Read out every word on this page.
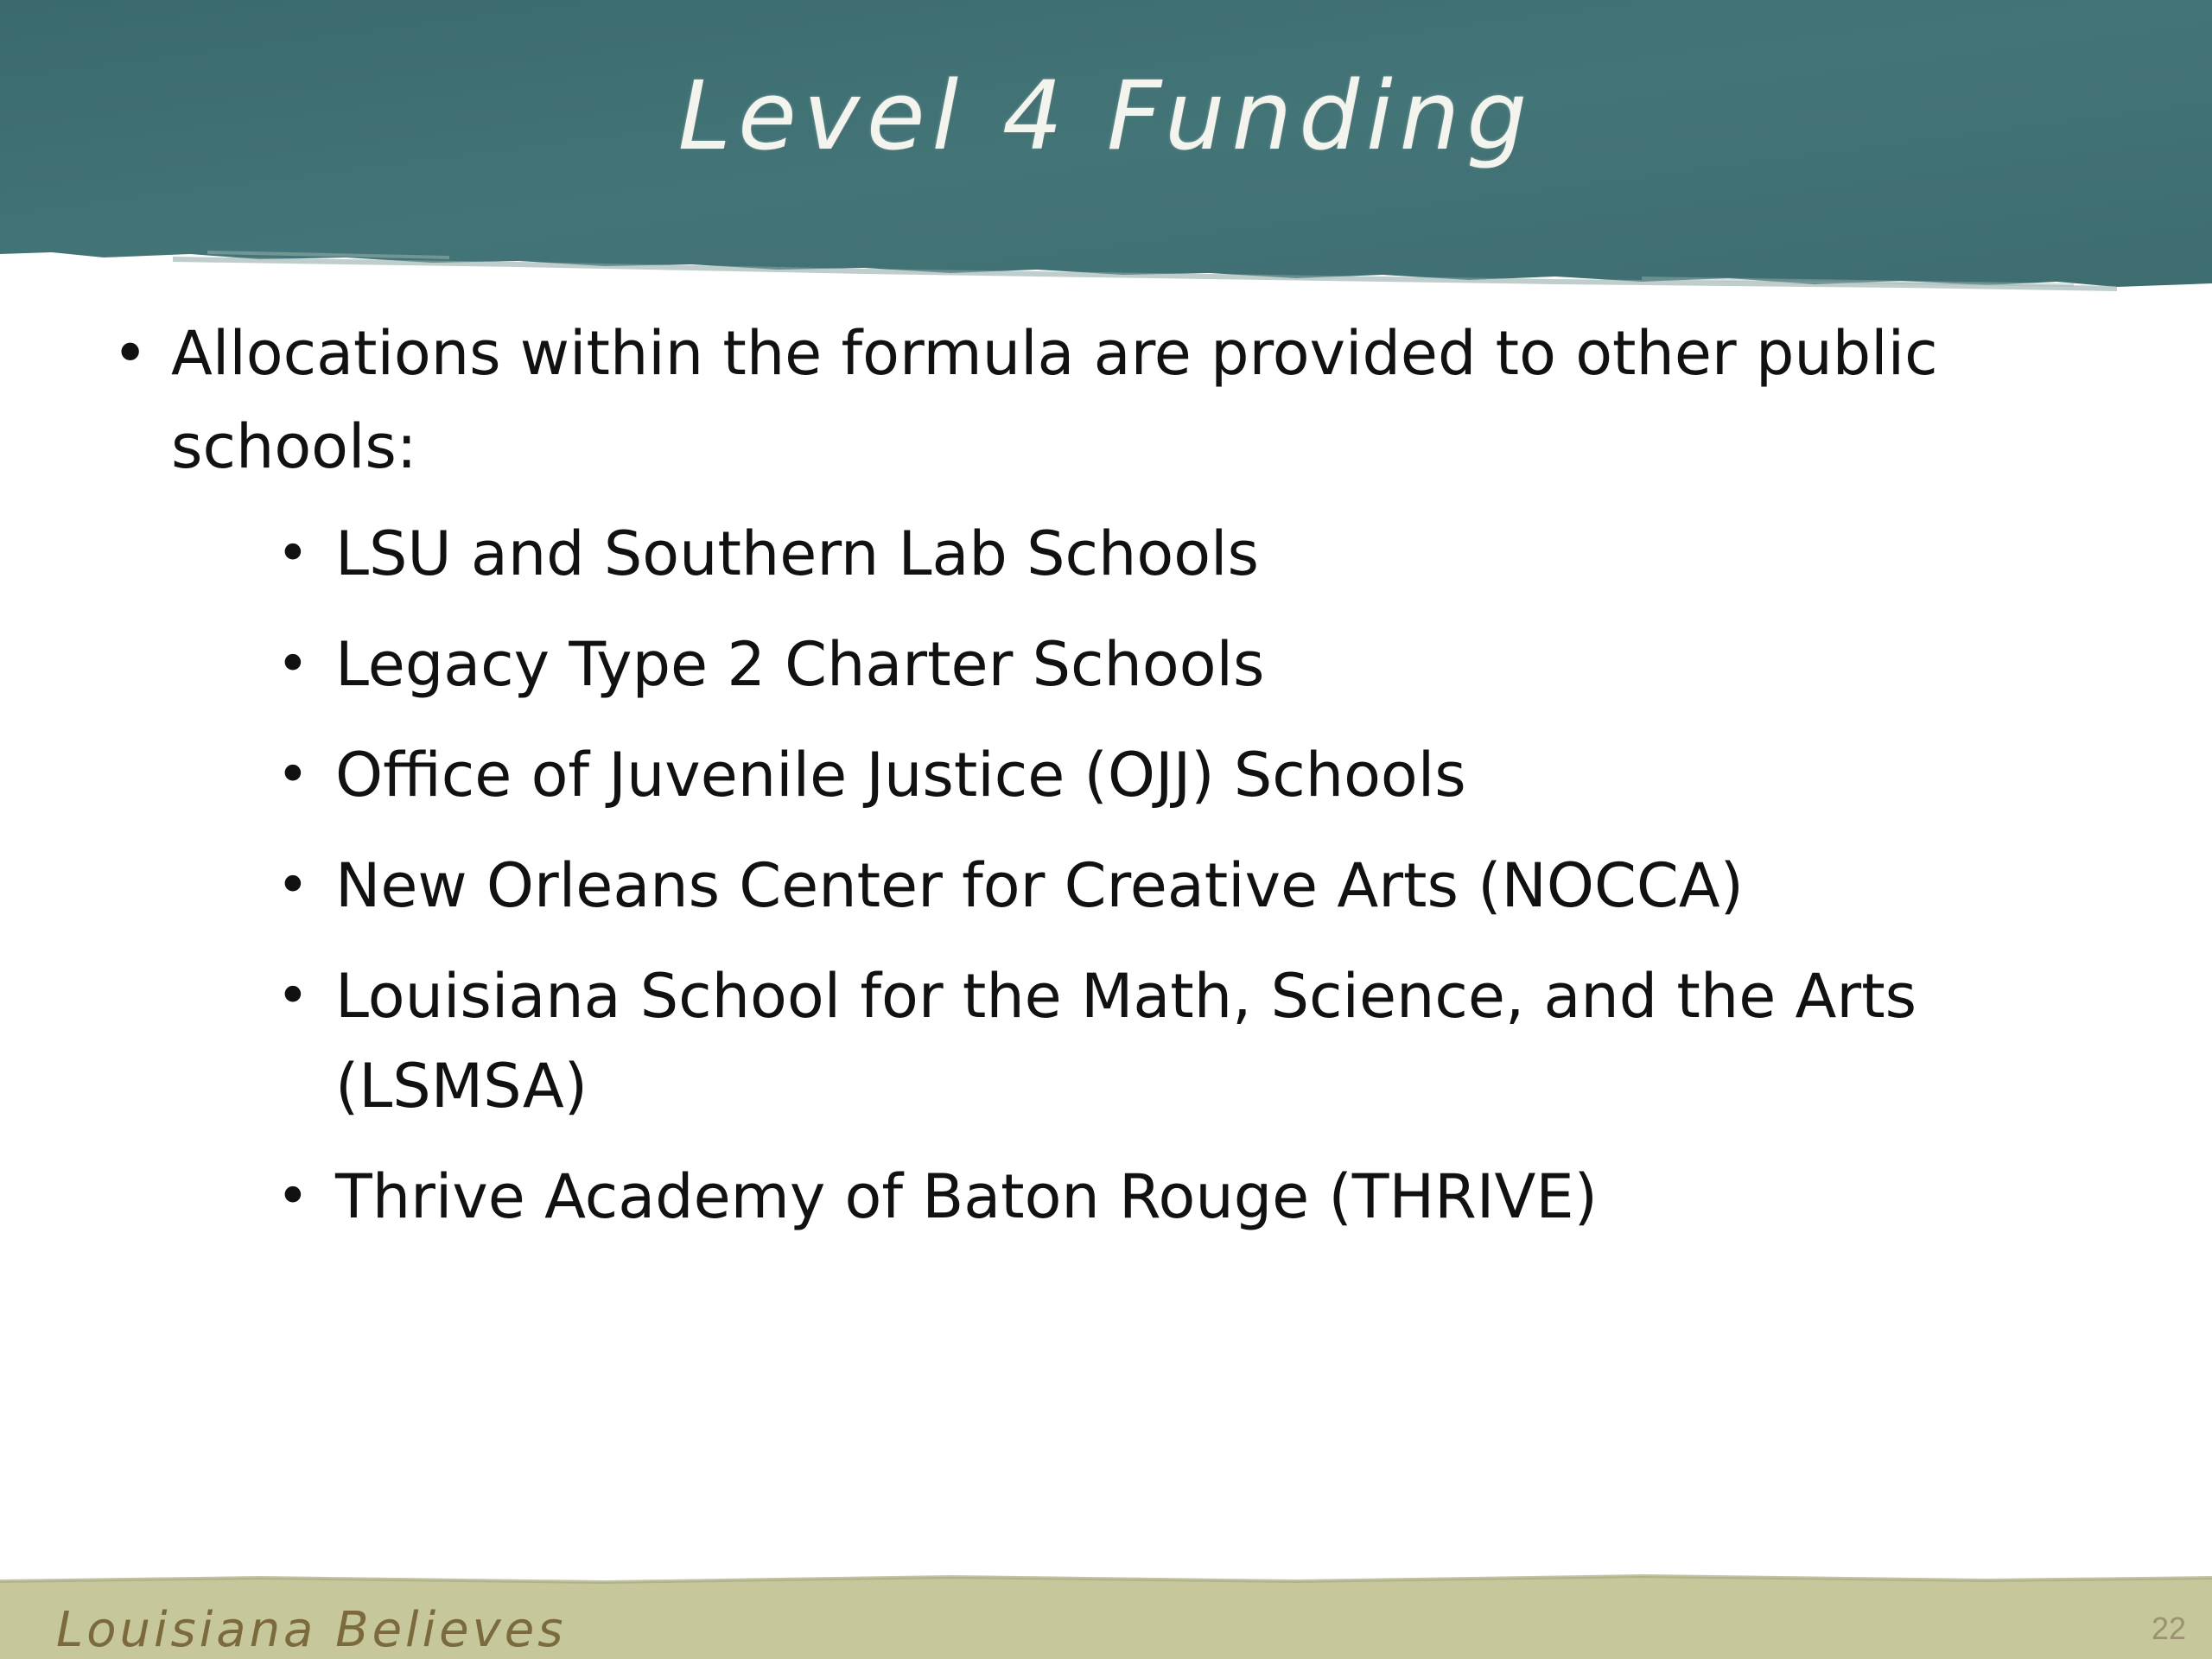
Level 4 Funding
• Allocations within the formula are provided to other public schools:
• LSU and Southern Lab Schools
• Legacy Type 2 Charter Schools
• Office of Juvenile Justice (OJJ) Schools
• New Orleans Center for Creative Arts (NOCCA)
• Louisiana School for the Math, Science, and the Arts (LSMSA)
• Thrive Academy of Baton Rouge (THRIVE)
Louisiana Believes	22
